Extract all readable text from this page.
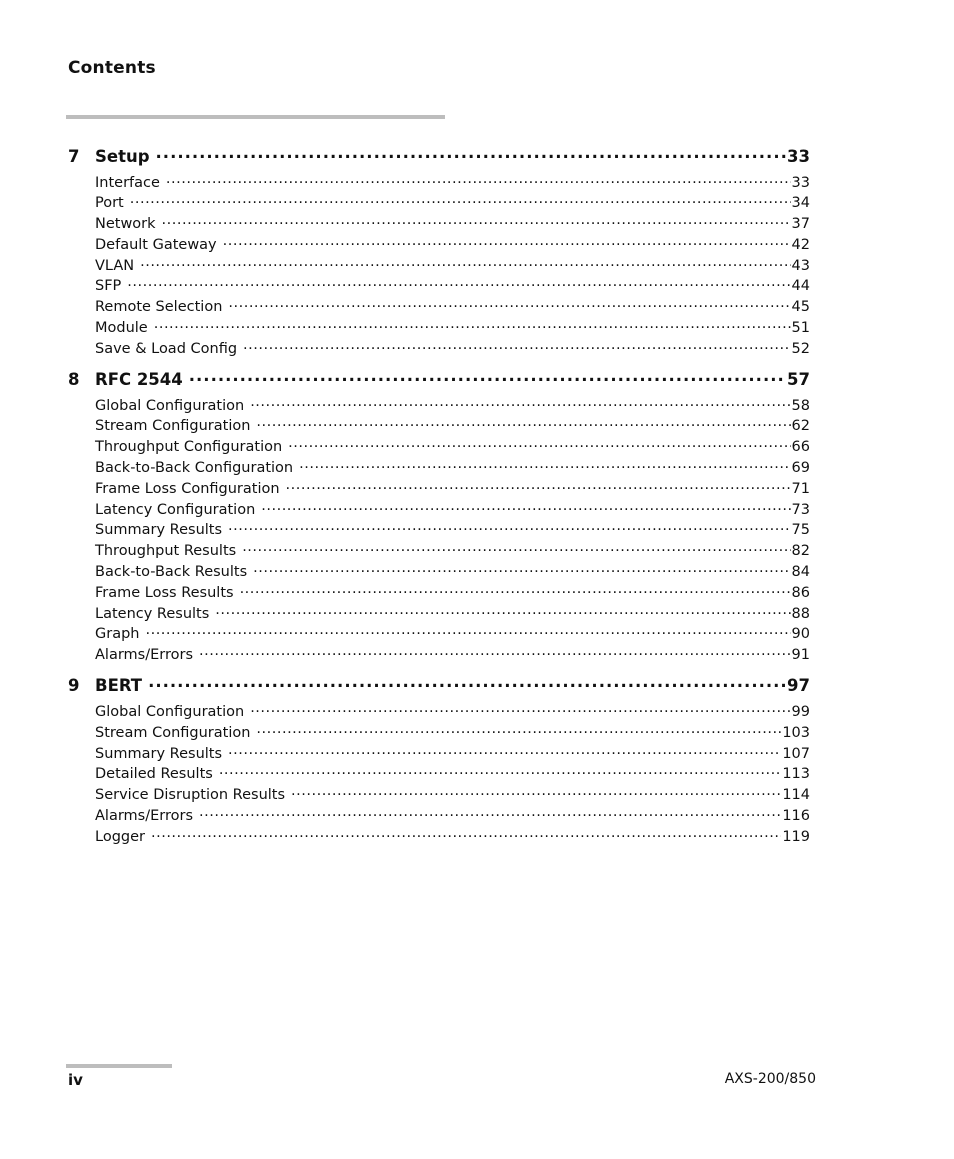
Contents
7 Setup .....	33
Interface .....	33
Port .....	34
Network .....	37
Default Gateway .....	42
VLAN .....	43
SFP .....	44
Remote Selection .....	45
Module .....	51
Save & Load Config .....	52
8 RFC 2544 .....	57
Global Configuration .....	58
Stream Configuration .....	62
Throughput Configuration .....	66
Back-to-Back Configuration .....	69
Frame Loss Configuration .....	71
Latency Configuration .....	73
Summary Results .....	75
Throughput Results .....	82
Back-to-Back Results .....	84
Frame Loss Results .....	86
Latency Results .....	88
Graph .....	90
Alarms/Errors .....	91
9 BERT .....	97
Global Configuration .....	99
Stream Configuration .....	103
Summary Results .....	107
Detailed Results .....	113
Service Disruption Results .....	114
Alarms/Errors .....	116
Logger .....	119
iv	AXS-200/850
